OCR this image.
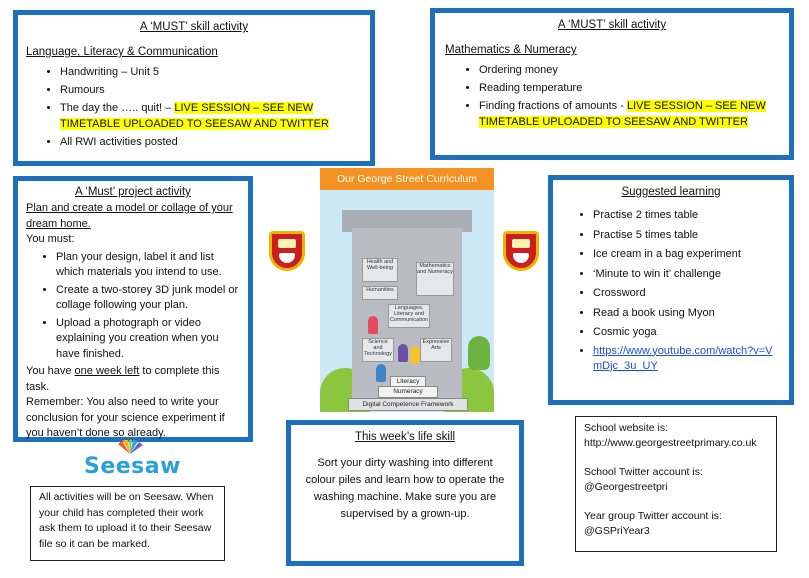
A ‘MUST’ skill activity
Language, Literacy & Communication
• Handwriting – Unit 5
• Rumours
• The day the ….. quit! – LIVE SESSION – SEE NEW TIMETABLE UPLOADED TO SEESAW AND TWITTER
• All RWI activities posted
A ‘MUST’ skill activity
Mathematics & Numeracy
• Ordering money
• Reading temperature
• Finding fractions of amounts - LIVE SESSION – SEE NEW TIMETABLE UPLOADED TO SEESAW AND TWITTER
A ‘Must’ project activity
Plan and create a model or collage of your dream home.
You must:
• Plan your design, label it and list which materials you intend to use.
• Create a two-storey 3D junk model or collage following your plan.
• Upload a photograph or video explaining you creation when you have finished.
You have one week left to complete this task.
Remember: You also need to write your conclusion for your science experiment if you haven’t done so already.
Our George Street Curriculum
Health and Well-being
Humanities
Mathematics and Numeracy
Languages, Literacy and Communication
Science and Technology
Expressive Arts
Literacy
Numeracy
Digital Competence Framework
Suggested learning
• Practise 2 times table
• Practise 5 times table
• Ice cream in a bag experiment
• ‘Minute to win it’ challenge
• Crossword
• Read a book using Myon
• Cosmic yoga
• https://www.youtube.com/watch?v=VmDjc_3u_UY
Seesaw
All activities will be on Seesaw. When your child has completed their work ask them to upload it to their Seesaw file so it can be marked.
This week’s life skill
Sort your dirty washing into different colour piles and learn how to operate the washing machine. Make sure you are supervised by a grown-up.
School website is:
http://www.georgestreetprimary.co.uk
School Twitter account is:
@Georgestreetpri
Year group Twitter account is:
@GSPriYear3
